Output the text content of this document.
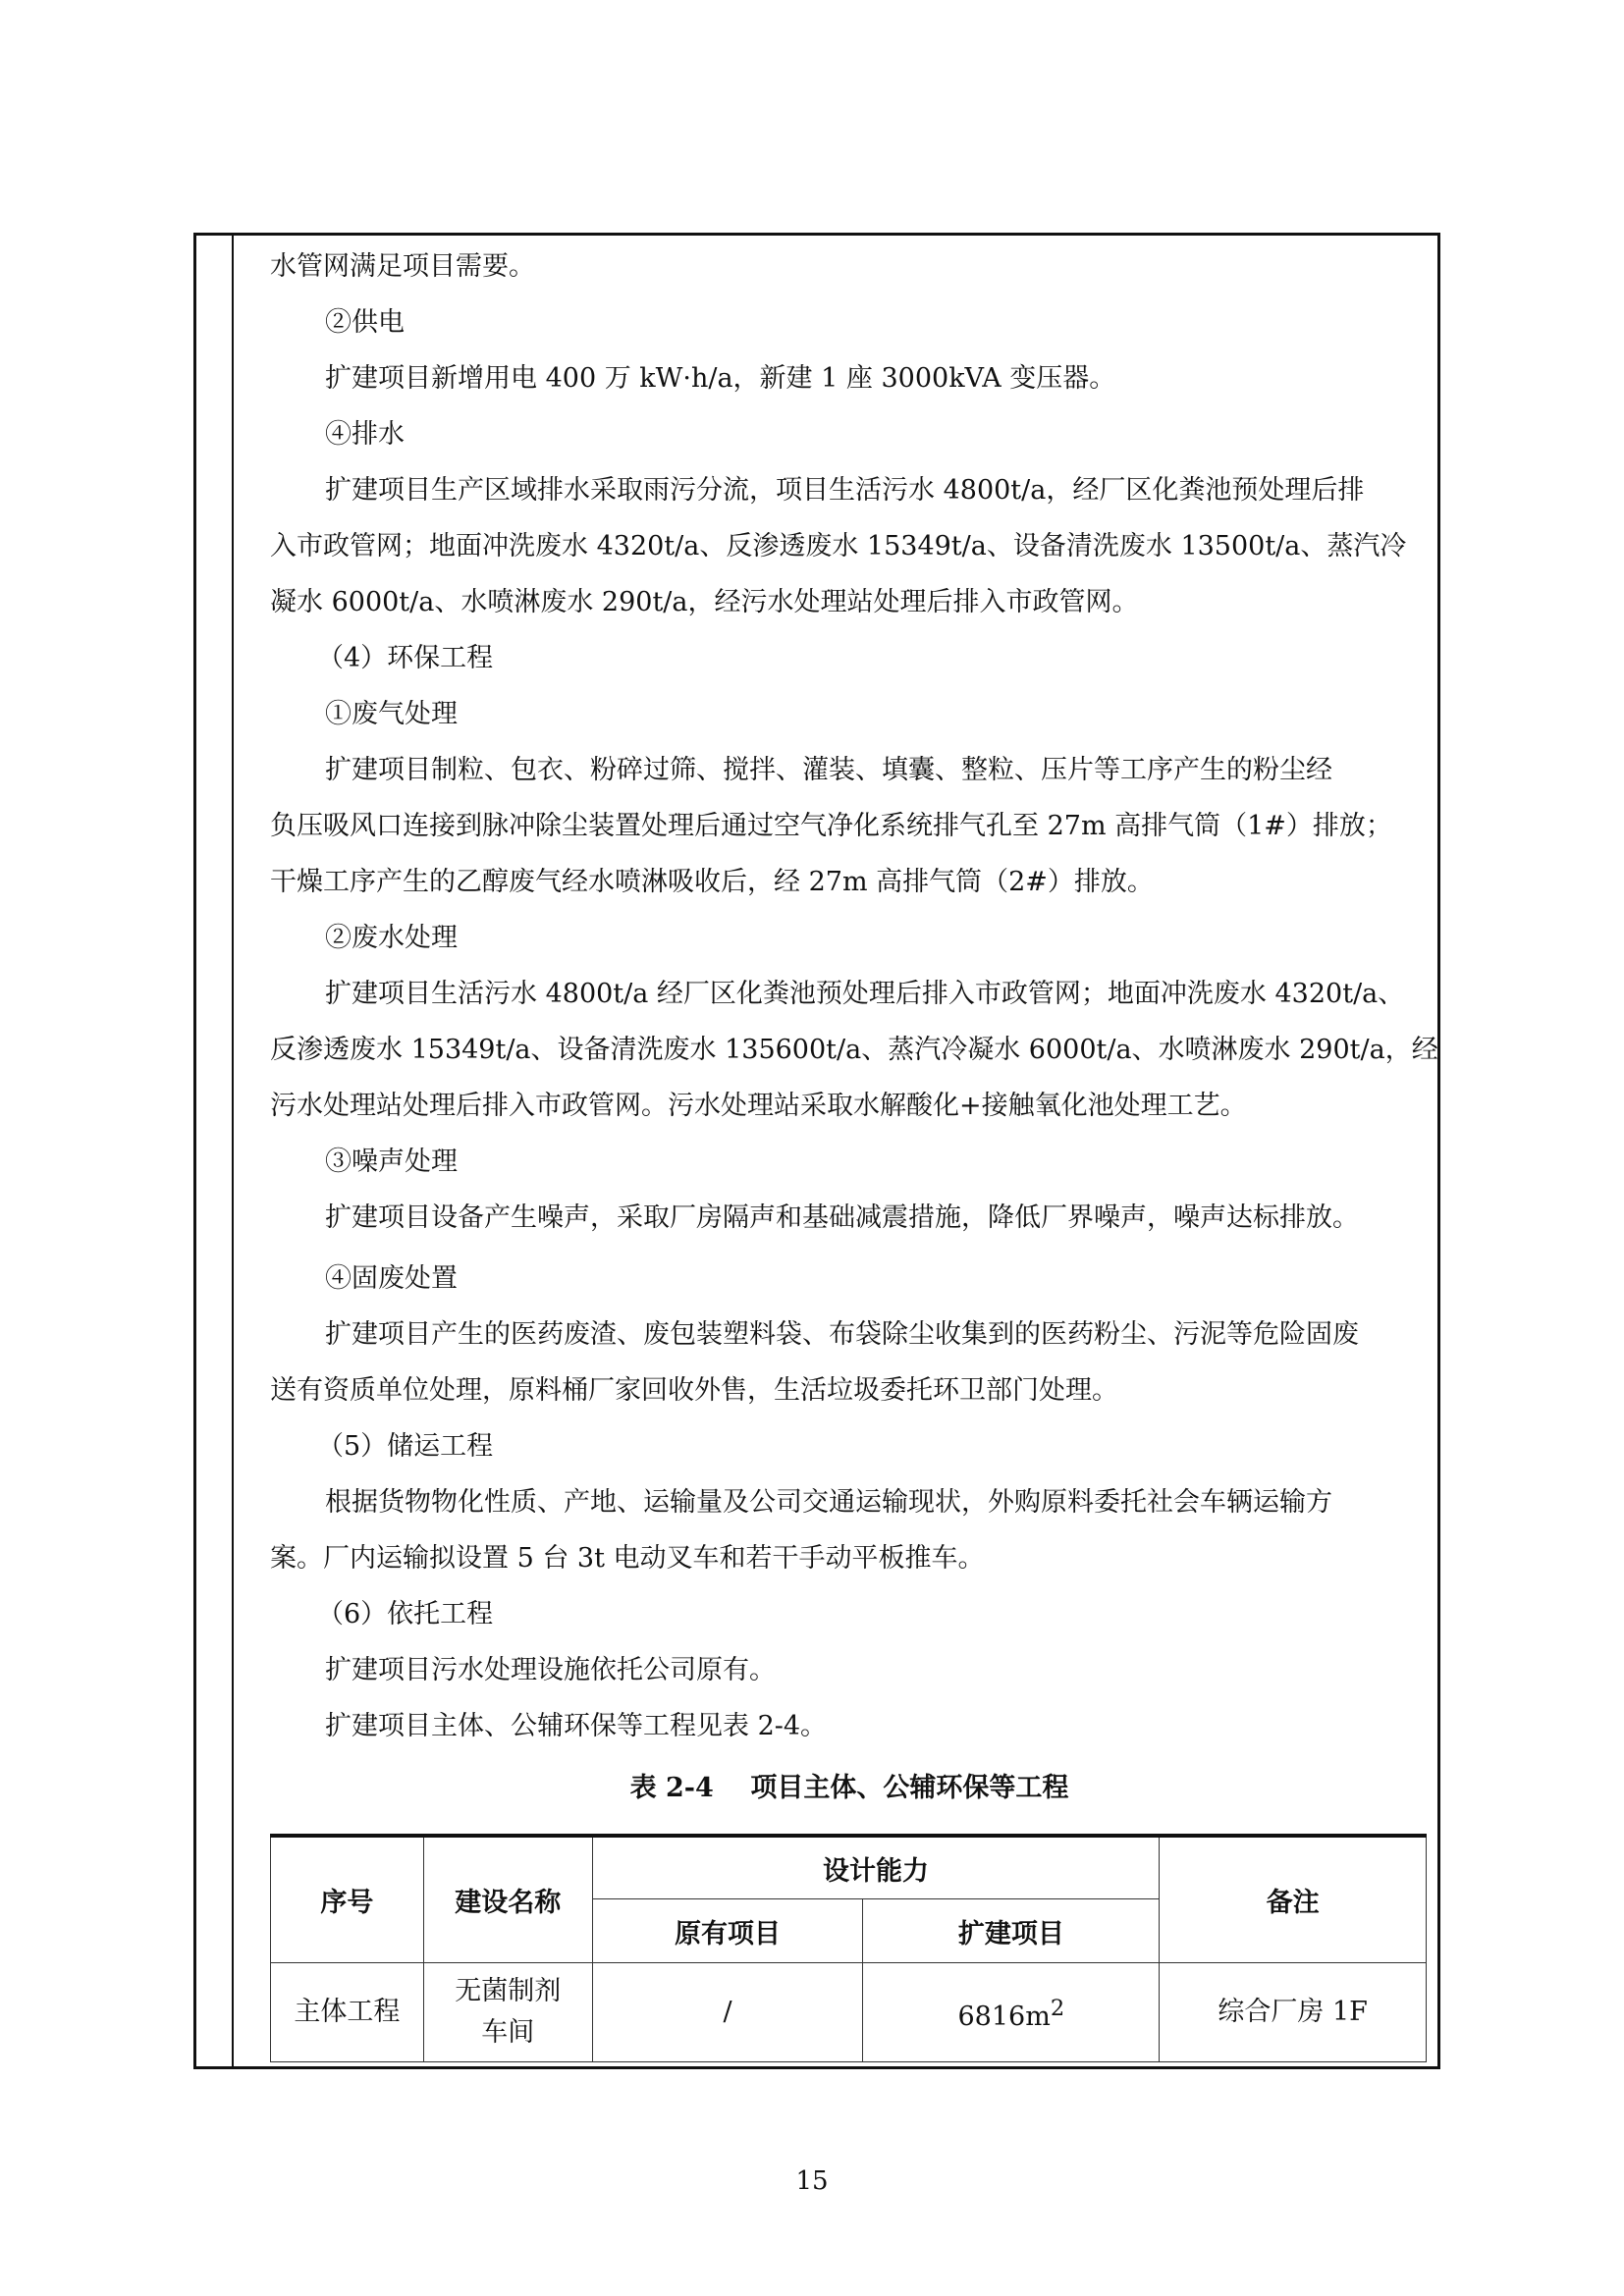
水管网满足项目需要。
②供电
扩建项目新增用电 400 万 kW·h/a，新建 1 座 3000kVA 变压器。
④排水
扩建项目生产区域排水采取雨污分流，项目生活污水 4800t/a，经厂区化粪池预处理后排
入市政管网；地面冲洗废水 4320t/a、反渗透废水 15349t/a、设备清洗废水 13500t/a、蒸汽冷
凝水 6000t/a、水喷淋废水 290t/a，经污水处理站处理后排入市政管网。
（4）环保工程
①废气处理
扩建项目制粒、包衣、粉碎过筛、搅拌、灌装、填囊、整粒、压片等工序产生的粉尘经
负压吸风口连接到脉冲除尘装置处理后通过空气净化系统排气孔至 27m 高排气筒（1#）排放；
干燥工序产生的乙醇废气经水喷淋吸收后，经 27m 高排气筒（2#）排放。
②废水处理
扩建项目生活污水 4800t/a 经厂区化粪池预处理后排入市政管网；地面冲洗废水 4320t/a、
反渗透废水 15349t/a、设备清洗废水 135600t/a、蒸汽冷凝水 6000t/a、水喷淋废水 290t/a，经
污水处理站处理后排入市政管网。污水处理站采取水解酸化+接触氧化池处理工艺。
③噪声处理
扩建项目设备产生噪声，采取厂房隔声和基础减震措施，降低厂界噪声，噪声达标排放。
④固废处置
扩建项目产生的医药废渣、废包装塑料袋、布袋除尘收集到的医药粉尘、污泥等危险固废
送有资质单位处理，原料桶厂家回收外售，生活垃圾委托环卫部门处理。
（5）储运工程
根据货物物化性质、产地、运输量及公司交通运输现状，外购原料委托社会车辆运输方
案。厂内运输拟设置 5 台 3t 电动叉车和若干手动平板推车。
（6）依托工程
扩建项目污水处理设施依托公司原有。
扩建项目主体、公辅环保等工程见表 2-4。
表 2-4    项目主体、公辅环保等工程
序号	建设名称	设计能力		备注
		原有项目	扩建项目	
主体工程	无菌制剂
车间	/	$6816m^2$	综合厂房 1F
15
